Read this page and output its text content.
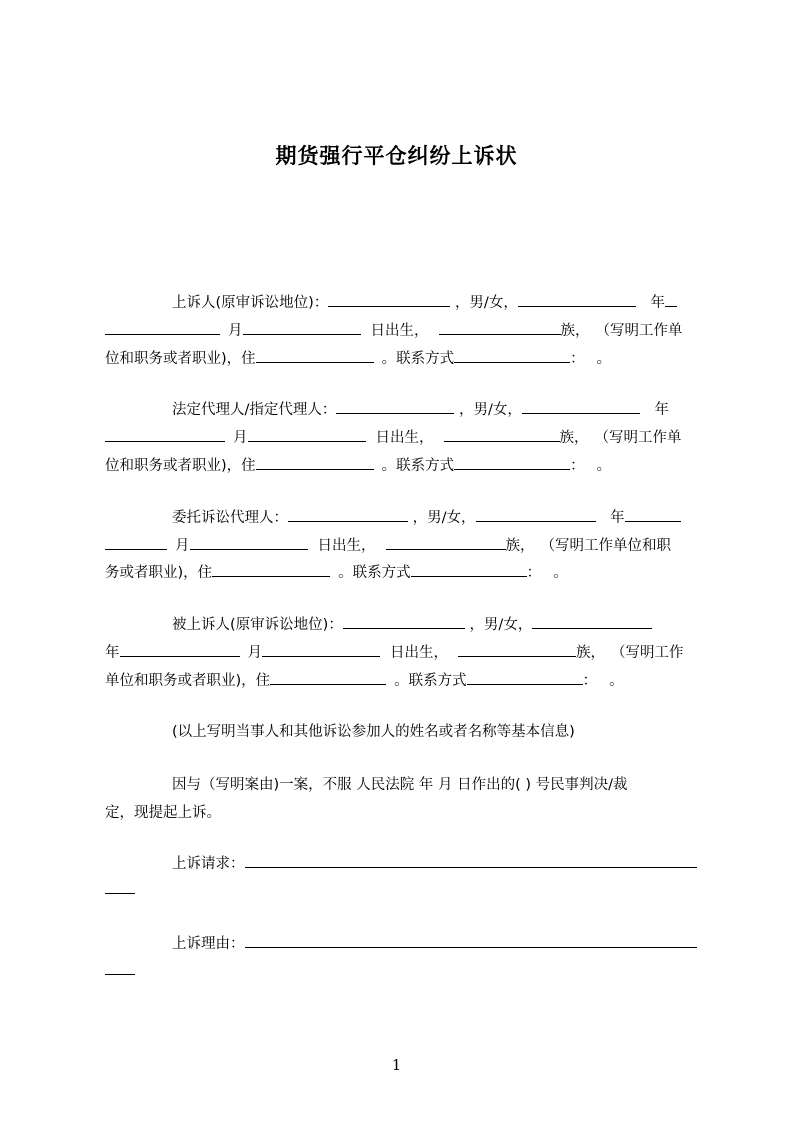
期货强行平仓纠纷上诉状
上诉人(原审诉讼地位)：	，男/女，	年
月	日出生，	族， （写明工作单
位和职务或者职业)，住	。联系方式	： 。
法定代理人/指定代理人：	，男/女，	年
月	日出生，	族， （写明工作单
位和职务或者职业)，住	。联系方式	： 。
委托诉讼代理人：	，男/女，	年
月	日出生，	族， （写明工作单位和职
务或者职业)，住	。联系方式	： 。
被上诉人(原审诉讼地位)：	，男/女，
年	月	日出生，	族， （写明工作
单位和职务或者职业)，住	。联系方式	： 。
(以上写明当事人和其他诉讼参加人的姓名或者名称等基本信息)
因与（写明案由)一案，不服 人民法院 年 月 日作出的( ) 号民事判决/裁
定，现提起上诉。
上诉请求：
上诉理由：
1
